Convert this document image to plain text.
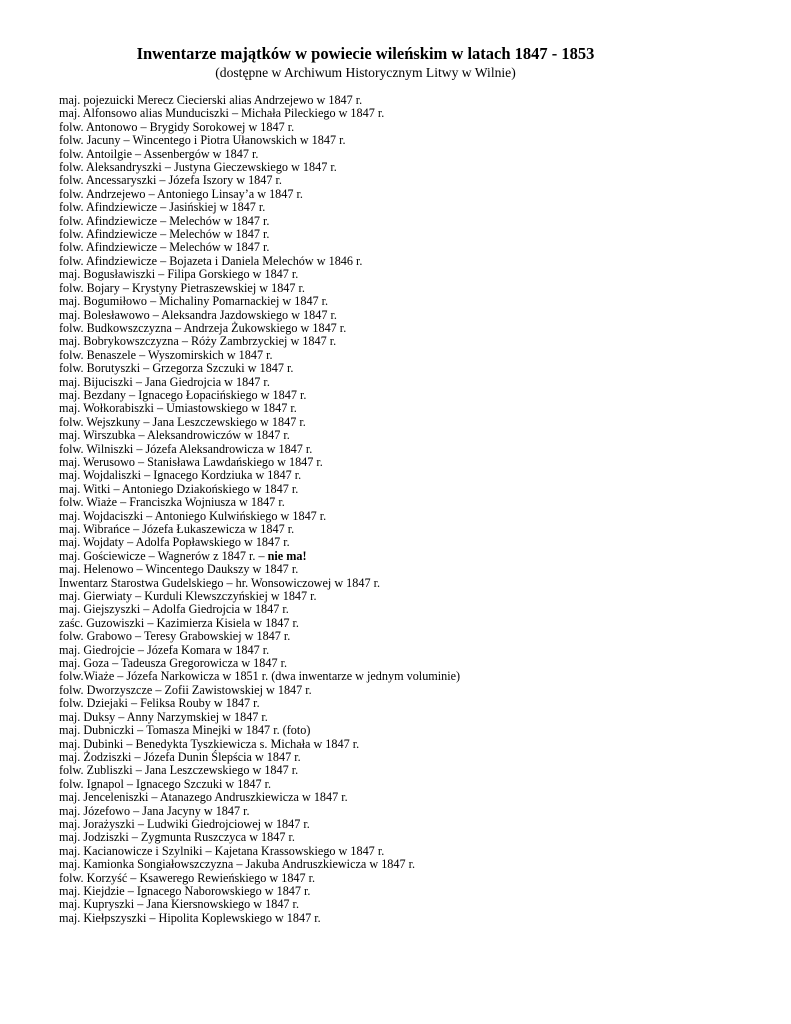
Inwentarze majątków w powiecie wileńskim w latach 1847 - 1853
(dostępne w Archiwum Historycznym Litwy w Wilnie)
maj. pojezuicki Merecz Ciecierski alias Andrzejewo w 1847 r.
maj. Alfonsowo alias Munduciszki – Michała Pileckiego w 1847 r.
folw. Antonowo – Brygidy Sorokowej w 1847 r.
folw. Jacuny – Wincentego i Piotra Ułanowskich w 1847 r.
folw. Antoilgie – Assenbergów w 1847 r.
folw. Aleksandryszki – Justyna Gieczewskiego w 1847 r.
folw. Ancessaryszki – Józefa Iszory w 1847 r.
folw. Andrzejewo – Antoniego Linsay’a w 1847 r.
folw. Afindziewicze – Jasińskiej w 1847 r.
folw. Afindziewicze – Melechów w 1847 r.
folw. Afindziewicze – Melechów w 1847 r.
folw. Afindziewicze – Melechów w 1847 r.
folw. Afindziewicze – Bojazeta i Daniela Melechów w 1846 r.
maj. Bogusławiszki – Filipa Gorskiego w 1847 r.
folw. Bojary – Krystyny Pietraszewskiej w 1847 r.
maj. Bogumiłowo – Michaliny Pomarnackiej w 1847 r.
maj. Bolesławowo – Aleksandra Jazdowskiego w 1847 r.
folw. Budkowszczyzna – Andrzeja Żukowskiego w 1847 r.
maj. Bobrykowszczyzna – Róży Zambrzyckiej w 1847 r.
folw. Benaszele – Wyszomirskich w 1847 r.
folw. Borutyszki – Grzegorza Szczuki w 1847 r.
maj. Bijuciszki – Jana Giedrojcia w 1847 r.
maj. Bezdany – Ignacego Łopacińskiego w 1847 r.
maj. Wołkorabiszki – Umiastowskiego w 1847 r.
folw. Wejszkuny – Jana Leszczewskiego w 1847 r.
maj. Wirszubka – Aleksandrowiczów w 1847 r.
folw. Wilniszki – Józefa Aleksandrowicza w 1847 r.
maj. Werusowo – Stanisława Lawdańskiego w 1847 r.
maj. Wojdaliszki – Ignacego Kordziuka w 1847 r.
maj. Witki – Antoniego Dziakońskiego w 1847 r.
folw. Wiaże – Franciszka Wojniusza w 1847 r.
maj. Wojdaciszki – Antoniego Kulwińskiego w 1847 r.
maj. Wibrańce – Józefa Łukaszewicza w 1847 r.
maj. Wojdaty – Adolfa Popławskiego w 1847 r.
maj. Gościewicze – Wagnerów z 1847 r. – nie ma!
maj. Helenowo – Wincentego Daukszy w 1847 r.
Inwentarz Starostwa Gudelskiego – hr. Wonsowiczowej w 1847 r.
maj. Gierwiaty – Kurduli Klewszczyńskiej w 1847 r.
maj. Giejszyszki – Adolfa Giedrojcia w 1847 r.
zaśc. Guzowiszki – Kazimierza Kisiela w 1847 r.
folw. Grabowo – Teresy Grabowskiej w 1847 r.
maj. Giedrojcie – Józefa Komara w 1847 r.
maj. Goza – Tadeusza Gregorowicza w 1847 r.
folw.Wiaże – Józefa Narkowicza w 1851 r. (dwa inwentarze w jednym voluminie)
folw. Dworzyszcze – Zofii Zawistowskiej w 1847 r.
folw. Dziejaki – Feliksa Rouby w 1847 r.
maj. Duksy – Anny Narzymskiej w 1847 r.
maj. Dubniczki – Tomasza Minejki w 1847 r. (foto)
maj. Dubinki – Benedykta Tyszkiewicza s. Michała w 1847 r.
maj. Żodziszki – Józefa Dunin Ślepścia w 1847 r.
folw. Zubliszki – Jana Leszczewskiego w 1847 r.
folw. Ignapol – Ignacego Szczuki w 1847 r.
maj. Jenceleniszki – Atanazego Andruszkiewicza w 1847 r.
maj. Józefowo – Jana Jacyny w 1847 r.
maj. Jorażyszki – Ludwiki Giedrojciowej w 1847 r.
maj. Jodziszki – Zygmunta Ruszczyca w 1847 r.
maj. Kacianowicze i Szylniki – Kajetana Krassowskiego w 1847 r.
maj. Kamionka Songiałowszczyzna – Jakuba Andruszkiewicza w 1847 r.
folw. Korzyść – Ksawerego Rewieńskiego w 1847 r.
maj. Kiejdzie – Ignacego Naborowskiego w 1847 r.
maj. Kupryszki – Jana Kiersnowskiego w 1847 r.
maj. Kiełpszyszki – Hipolita Koplewskiego w 1847 r.
